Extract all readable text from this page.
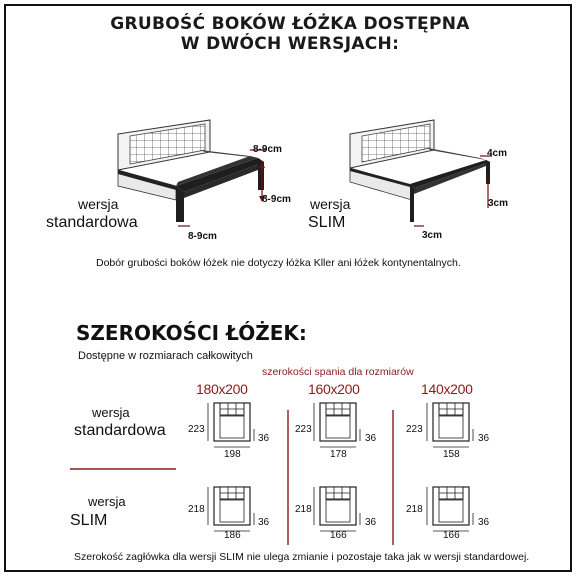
GRUBOŚĆ BOKÓW ŁÓŻKA DOSTĘPNA
W DWÓCH WERSJACH:
wersja
standardowa
wersja
SLIM
8-9cm
8-9cm
8-9cm
4cm
3cm
3cm
Dobór grubości boków łóżek nie dotyczy łóżka Kller ani łóżek kontynentalnych.
SZEROKOŚCI ŁÓŻEK:
Dostępne w rozmiarach całkowitych
szerokości spania dla rozmiarów
180x200	160x200	140x200
wersja
standardowa
wersja
SLIM
223	223	223
36	36	36
198	178	158
218	218	218
36	36	36
186	166	166
Szerokość zagłówka dla wersji SLIM nie ulega zmianie i pozostaje taka jak w wersji standardowej.
